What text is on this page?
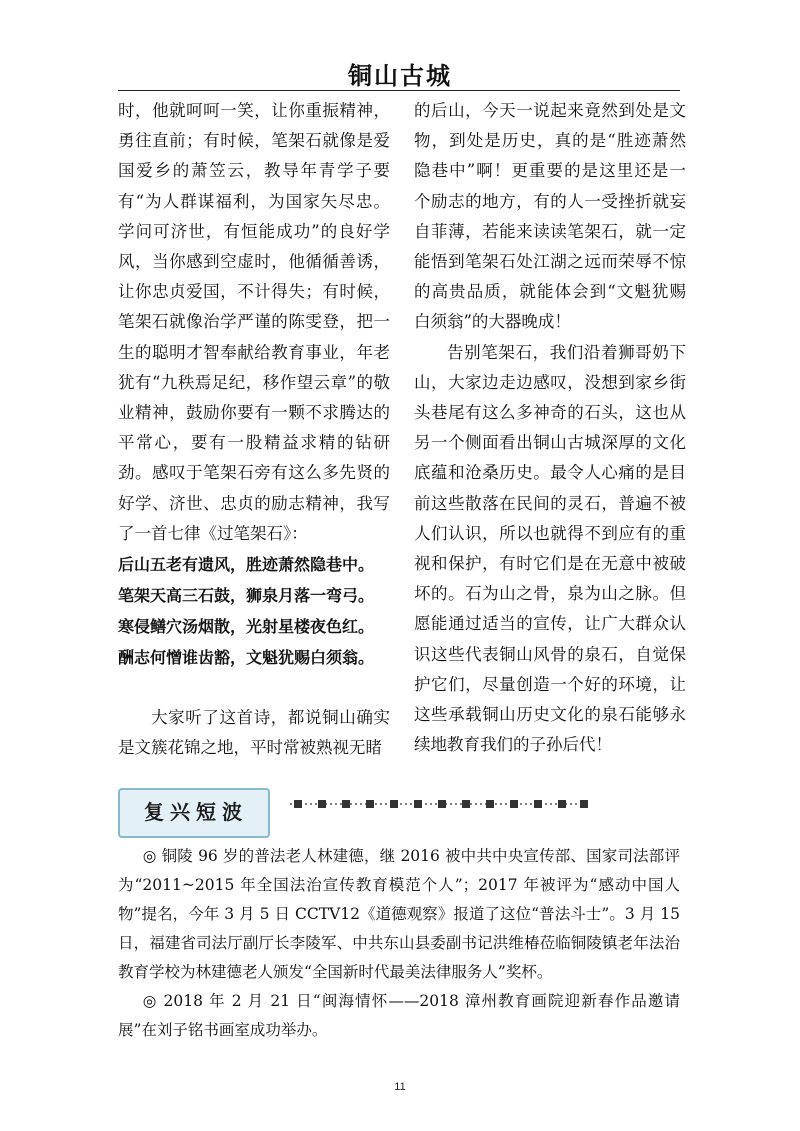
铜山古城

时，他就呵呵一笑，让你重振精神，勇往直前；有时候，笔架石就像是爱国爱乡的萧笠云，教导年青学子要有“为人群谋福利，为国家矢尽忠。学问可济世，有恒能成功”的良好学风，当你感到空虚时，他循循善诱，让你忠贞爱国，不计得失；有时候，笔架石就像治学严谨的陈雯登，把一生的聪明才智奉献给教育事业，年老犹有“九秩焉足纪，移作望云章”的敬业精神，鼓励你要有一颗不求腾达的平常心，要有一股精益求精的钻研劲。感叹于笔架石旁有这么多先贤的好学、济世、忠贞的励志精神，我写了一首七律《过笔架石》：

后山五老有遗风，胜迹萧然隐巷中。

笔架天高三石鼓，狮泉月落一弯弓。

寒侵鳝穴汤烟散，光射星楼夜色红。

酬志何憎谁齿豁，文魁犹赐白须翁。

大家听了这首诗，都说铜山确实是文簇花锦之地，平时常被熟视无睹

的后山，今天一说起来竟然到处是文物，到处是历史，真的是“胜迹萧然隐巷中”啊！更重要的是这里还是一个励志的地方，有的人一受挫折就妄自菲薄，若能来读读笔架石，就一定能悟到笔架石处江湖之远而荣辱不惊的高贵品质，就能体会到“文魁犹赐白须翁”的大器晚成！

告别笔架石，我们沿着狮哥奶下山，大家边走边感叹，没想到家乡街头巷尾有这么多神奇的石头，这也从另一个侧面看出铜山古城深厚的文化底蕴和沧桑历史。最令人心痛的是目前这些散落在民间的灵石，普遍不被人们认识，所以也就得不到应有的重视和保护，有时它们是在无意中被破坏的。石为山之骨，泉为山之脉。但愿能通过适当的宣传，让广大群众认识这些代表铜山风骨的泉石，自觉保护它们，尽量创造一个好的环境，让这些承载铜山历史文化的泉石能够永续地教育我们的子孙后代！

复兴短波

◎ 铜陵 96 岁的普法老人林建德，继 2016 被中共中央宣传部、国家司法部评为“2011~2015 年全国法治宣传教育模范个人”；2017 年被评为“感动中国人物”提名，今年 3 月 5 日 CCTV12《道德观察》报道了这位“普法斗士”。3 月 15 日，福建省司法厅副厅长李陵军、中共东山县委副书记洪维椿莅临铜陵镇老年法治教育学校为林建德老人颁发“全国新时代最美法律服务人”奖杯。

◎ 2018 年 2 月 21 日“闽海情怀——2018 漳州教育画院迎新春作品邀请展”在刘子铭书画室成功举办。

11
